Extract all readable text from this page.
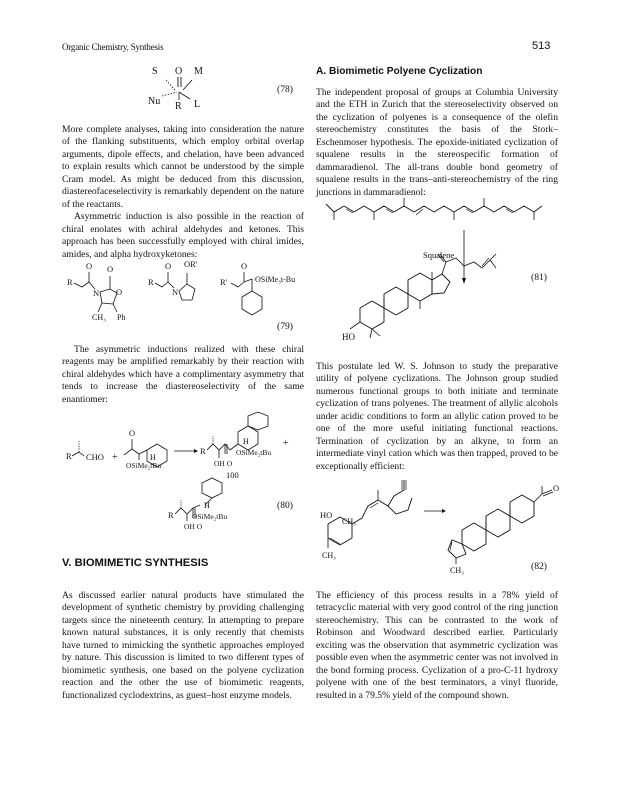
Organic Chemistry, Synthesis	513
S O M
Nu R L
(78)

More complete analyses, taking into consideration the nature of the flanking substituents, which employ orbital overlap arguments, dipole effects, and chelation, have been advanced to explain results which cannot be understood by the simple Cram model. As might be deduced from this discussion, diastereofaceselectivity is remarkably dependent on the nature of the reactants.

Asymmetric induction is also possible in the reaction of chiral enolates with achiral aldehydes and ketones. This approach has been successfully employed with chiral imides, amides, and alpha hydroxyketones:

R
O
N
O
O
CH₃ Ph
R
O
N
OR′
R′
O
OSiMe₃t-Bu
(79)

The asymmetric inductions realized with these chiral reagents may be amplified remarkably by their reaction with chiral aldehydes which have a complimentary asymmetry that tends to increase the diastereoselectivity of the same enantiomer:

R CHO +
O
H
OSiMe₂tBu
R
OH O
H
OSiMe₂tBu
+
100
R
H
OSiMe₂tBu
OH O
(80)
V. BIOMIMETIC SYNTHESIS

As discussed earlier natural products have stimulated the development of synthetic chemistry by providing challenging targets since the nineteenth century. In attempting to prepare known natural substances, it is only recently that chemists have turned to mimicking the synthetic approaches employed by nature. This discussion is limited to two different types of biomimetic synthesis, one based on the polyene cyclization reaction and the other the use of biomimetic reagents, functionalized cyclodextrins, as guest–host enzyme models.

A. Biomimetic Polyene Cyclization

The independent proposal of groups at Columbia University and the ETH in Zurich that the stereoselectivity observed on the cyclization of polyenes is a consequence of the olefin stereochemistry constitutes the basis of the Stork–Eschenmoser hypothesis. The epoxide-initiated cyclization of squalene results in the stereospecific formation of dammaradienol. The all-trans double bond geometry of squalene results in the trans–anti-stereochemistry of the ring junctions in dammaradienol:

Squalene
HO
(81)

This postulate led W. S. Johnson to study the preparative utility of polyene cyclizations. The Johnson group studied numerous functional groups to both initiate and terminate cyclization of trans polyenes. The treatment of allylic alcohols under acidic conditions to form an allylic cation proved to be one of the more useful initiating functional reactions. Termination of cyclization by an alkyne, to form an intermediate vinyl cation which was then trapped, proved to be exceptionally efficient:

HO
CH₃
CH₃
CH₃
O
(82)

The efficiency of this process results in a 78% yield of tetracyclic material with very good control of the ring junction stereochemistry. This can be contrasted to the work of Robinson and Woodward described earlier. Particularly exciting was the observation that asymmetric cyclization was possible even when the asymmetric center was not involved in the bond forming process. Cyclization of a pro-C-11 hydroxy polyene with one of the best terminators, a vinyl fluoride, resulted in a 79.5% yield of the compound shown.
